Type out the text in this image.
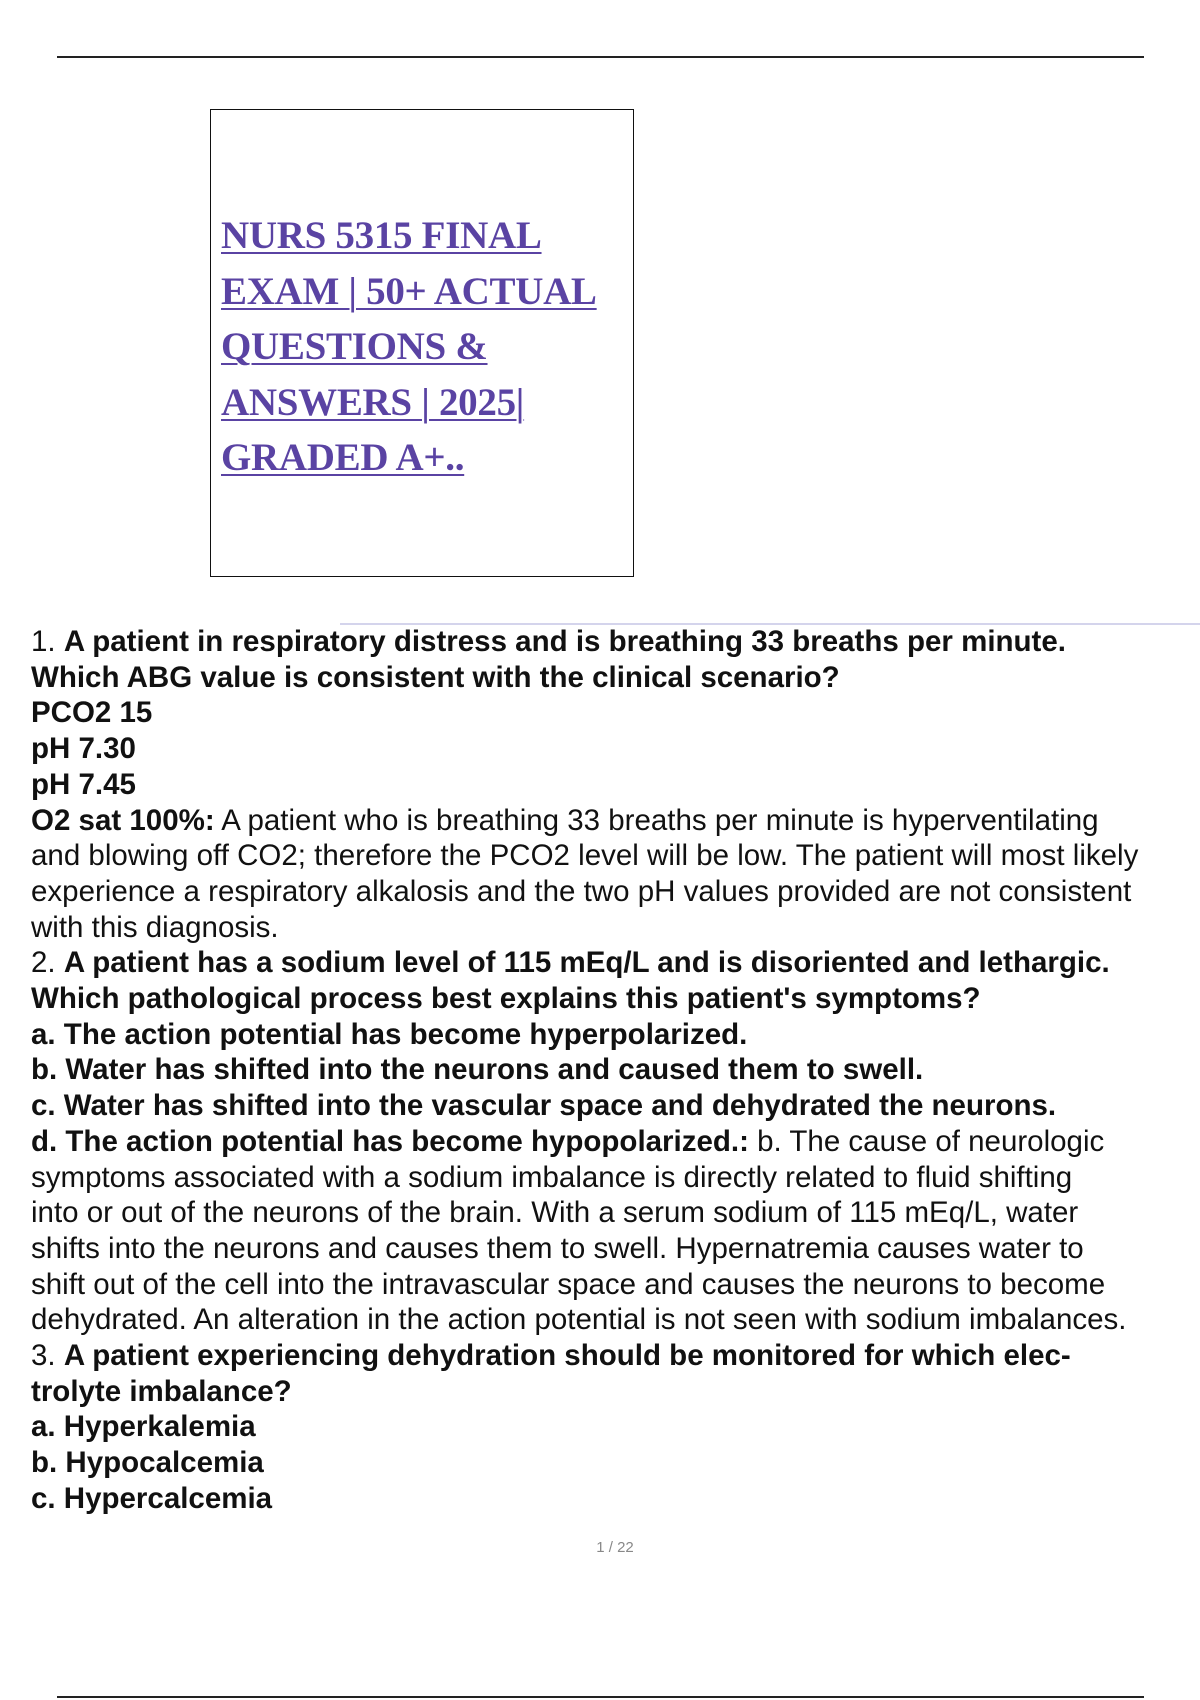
NURS 5315 FINAL
EXAM | 50+ ACTUAL
QUESTIONS &
ANSWERS | 2025|
GRADED A+..
1. A patient in respiratory distress and is breathing 33 breaths per minute.
Which ABG value is consistent with the clinical scenario?
PCO2 15
pH 7.30
pH 7.45
O2 sat 100%: A patient who is breathing 33 breaths per minute is hyperventilating
and blowing off CO2; therefore the PCO2 level will be low. The patient will most likely
experience a respiratory alkalosis and the two pH values provided are not consistent
with this diagnosis.
2. A patient has a sodium level of 115 mEq/L and is disoriented and lethargic.
Which pathological process best explains this patient's symptoms?
a. The action potential has become hyperpolarized.
b. Water has shifted into the neurons and caused them to swell.
c. Water has shifted into the vascular space and dehydrated the neurons.
d. The action potential has become hypopolarized.: b. The cause of neurologic
symptoms associated with a sodium imbalance is directly related to fluid shifting
into or out of the neurons of the brain. With a serum sodium of 115 mEq/L, water
shifts into the neurons and causes them to swell. Hypernatremia causes water to
shift out of the cell into the intravascular space and causes the neurons to become
dehydrated. An alteration in the action potential is not seen with sodium imbalances.
3. A patient experiencing dehydration should be monitored for which elec-
trolyte imbalance?
a. Hyperkalemia
b. Hypocalcemia
c. Hypercalcemia
1 / 22
